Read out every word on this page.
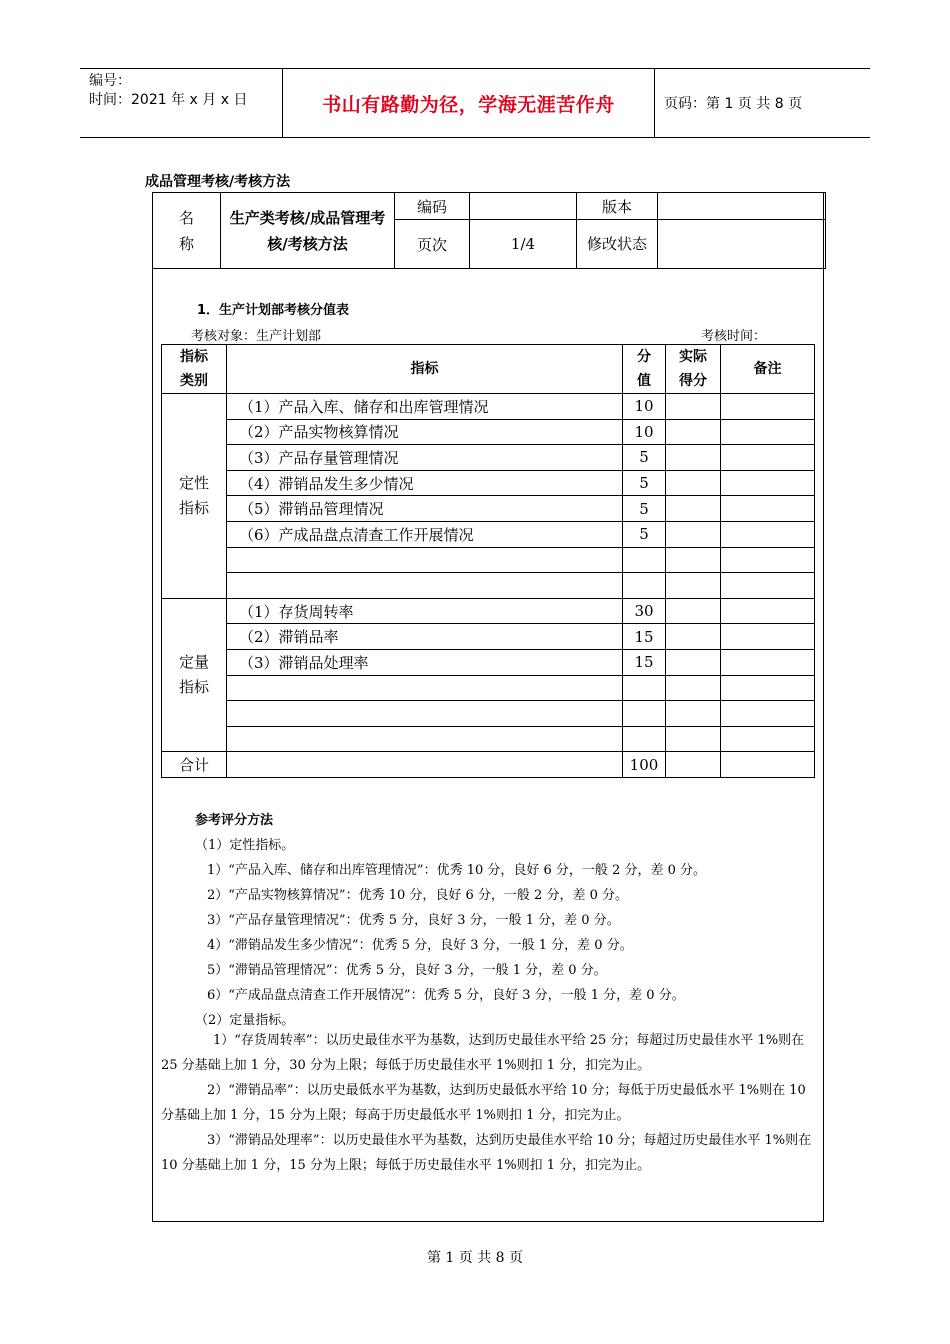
编号：
时间：2021 年 x 月 x 日	书山有路勤为径，学海无涯苦作舟	页码：第 1 页 共 8 页
成品管理考核/考核方法
名称	生产类考核/成品管理考核/考核方法	编码		版本	
		页次	1/4	修改状态	
1．生产计划部考核分值表
考核对象：生产计划部	考核时间：
指标类别	指标	分值	实际得分	备注

定性指标	（1）产品入库、储存和出库管理情况	10		
	（2）产品实物核算情况	10		
	（3）产品存量管理情况	5		
	（4）滞销品发生多少情况	5		
	（5）滞销品管理情况	5		
	（6）产成品盘点清查工作开展情况	5		

定量指标	（1）存货周转率	30		
	（2）滞销品率	15		
	（3）滞销品处理率	15		

合计		100		
参考评分方法
（1）定性指标。
1）“产品入库、储存和出库管理情况”：优秀 10 分，良好 6 分，一般 2 分，差 0 分。
2）“产品实物核算情况”：优秀 10 分，良好 6 分，一般 2 分，差 0 分。
3）“产品存量管理情况”：优秀 5 分，良好 3 分，一般 1 分，差 0 分。
4）“滞销品发生多少情况”：优秀 5 分，良好 3 分，一般 1 分，差 0 分。
5）“滞销品管理情况”：优秀 5 分，良好 3 分，一般 1 分，差 0 分。
6）“产成品盘点清查工作开展情况”：优秀 5 分，良好 3 分，一般 1 分，差 0 分。
（2）定量指标。
1）“存货周转率”：以历史最佳水平为基数，达到历史最佳水平给 25 分；每超过历史最佳水平 1%则在 25 分基础上加 1 分，30 分为上限；每低于历史最佳水平 1%则扣 1 分，扣完为止。
2）“滞销品率”：以历史最低水平为基数，达到历史最低水平给 10 分；每低于历史最低水平 1%则在 10 分基础上加 1 分，15 分为上限；每高于历史最低水平 1%则扣 1 分，扣完为止。
3）“滞销品处理率”：以历史最佳水平为基数，达到历史最佳水平给 10 分；每超过历史最佳水平 1%则在 10 分基础上加 1 分，15 分为上限；每低于历史最佳水平 1%则扣 1 分，扣完为止。
第 1 页 共 8 页
